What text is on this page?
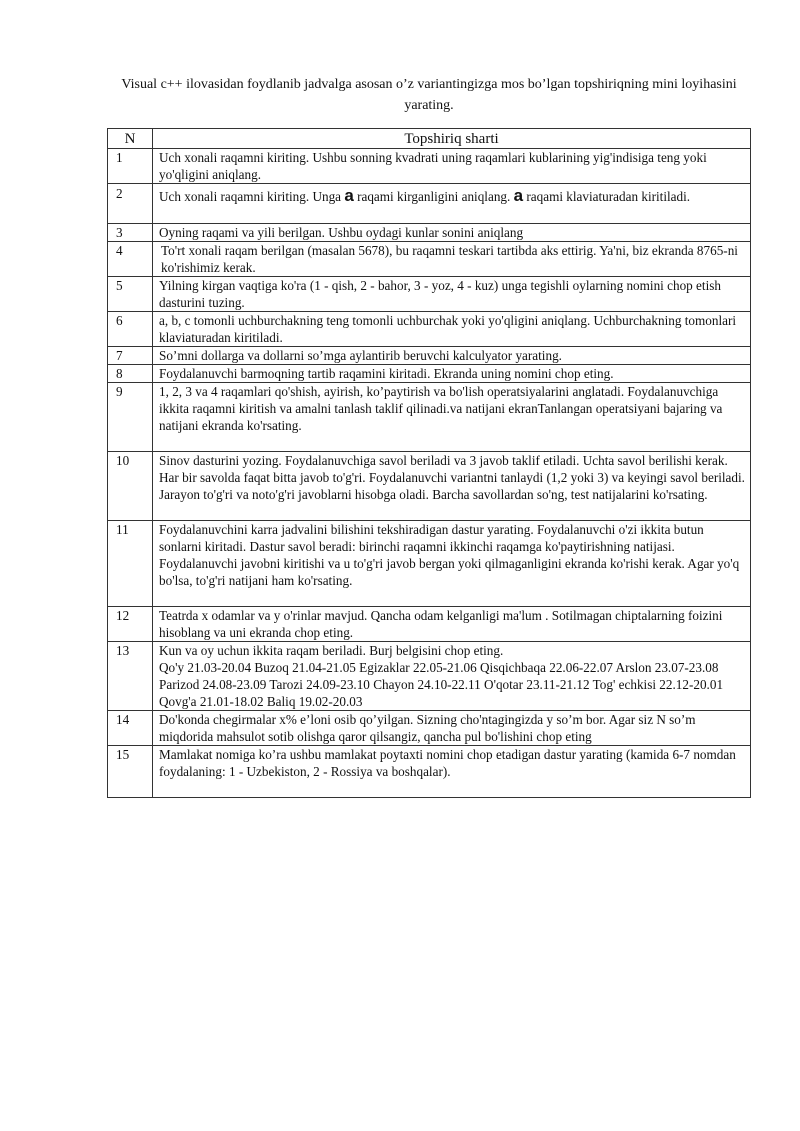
Visual c++ ilovasidan foydlanib jadvalga asosan o’z variantingizga mos bo’lgan topshiriqning mini loyihasini yarating.
N	Topshiriq sharti
1	Uch xonali raqamni kiriting. Ushbu sonning kvadrati uning raqamlari kublarining yig'indisiga teng yoki yo'qligini aniqlang.
2	Uch xonali raqamni kiriting. Unga a raqami kirganligini aniqlang. a raqami klaviaturadan kiritiladi.
3	Oyning raqami va yili berilgan. Ushbu oydagi kunlar sonini aniqlang
4	To'rt xonali raqam berilgan (masalan 5678), bu raqamni teskari tartibda aks ettirig. Ya'ni, biz ekranda 8765-ni ko'rishimiz kerak.
5	Yilning kirgan vaqtiga ko'ra (1 - qish, 2 - bahor, 3 - yoz, 4 - kuz) unga tegishli oylarning nomini chop etish dasturini tuzing.
6	a, b, c tomonli uchburchakning teng tomonli uchburchak yoki yo'qligini aniqlang. Uchburchakning tomonlari klaviaturadan kiritiladi.
7	So’mni dollarga va dollarni so’mga aylantirib beruvchi kalculyator yarating.
8	Foydalanuvchi barmoqning tartib raqamini kiritadi. Ekranda uning nomini chop eting.
9	1, 2, 3 va 4 raqamlari qo'shish, ayirish, ko’paytirish va bo'lish operatsiyalarini anglatadi. Foydalanuvchiga ikkita raqamni kiritish va amalni tanlash taklif qilinadi.va natijani ekranTanlangan operatsiyani bajaring va natijani ekranda ko'rsating.
10	Sinov dasturini yozing. Foydalanuvchiga savol beriladi va 3 javob taklif etiladi. Uchta savol berilishi kerak. Har bir savolda faqat bitta javob to'g'ri. Foydalanuvchi variantni tanlaydi (1,2 yoki 3) va keyingi savol beriladi. Jarayon to'g'ri va noto'g'ri javoblarni hisobga oladi. Barcha savollardan so'ng, test natijalarini ko'rsating.
11	Foydalanuvchini karra jadvalini bilishini tekshiradigan dastur yarating. Foydalanuvchi o'zi ikkita butun sonlarni kiritadi. Dastur savol beradi: birinchi raqamni ikkinchi raqamga ko'paytirishning natijasi. Foydalanuvchi javobni kiritishi va u to'g'ri javob bergan yoki qilmaganligini ekranda ko'rishi kerak. Agar yo'q bo'lsa, to'g'ri natijani ham ko'rsating.
12	Teatrda x odamlar va y o'rinlar mavjud. Qancha odam kelganligi ma'lum . Sotilmagan chiptalarning foizini hisoblang va uni ekranda chop eting.
13	Kun va oy uchun ikkita raqam beriladi. Burj belgisini chop eting.
Qo'y 21.03-20.04 Buzoq 21.04-21.05 Egizaklar 22.05-21.06 Qisqichbaqa 22.06-22.07 Arslon 23.07-23.08 Parizod 24.08-23.09 Tarozi 24.09-23.10 Chayon 24.10-22.11 O'qotar 23.11-21.12 Tog' echkisi 22.12-20.01 Qovg'a 21.01-18.02 Baliq 19.02-20.03

14	Do'konda chegirmalar x% e’loni osib qo’yilgan. Sizning cho'ntagingizda y so’m bor. Agar siz N so’m miqdorida mahsulot sotib olishga qaror qilsangiz, qancha pul bo'lishini chop eting
15	Mamlakat nomiga ko’ra ushbu mamlakat poytaxti nomini chop etadigan dastur yarating (kamida 6-7 nomdan foydalaning: 1 - Uzbekiston, 2 - Rossiya va boshqalar).
